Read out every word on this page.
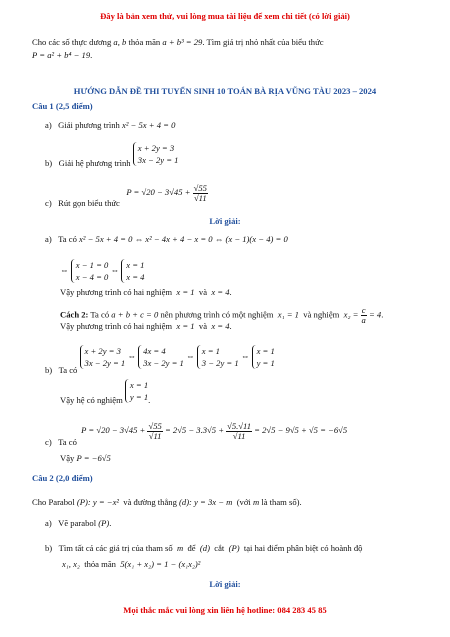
Đây là bản xem thử, vui lòng mua tài liệu để xem chi tiết (có lời giải)
Cho các số thực dương a, b thỏa mãn a + b³ = 29. Tìm giá trị nhỏ nhất của biểu thức
P = a² + b⁴ − 19.
HƯỚNG DẪN ĐỀ THI TUYỂN SINH 10 TOÁN BÀ RỊA VŨNG TÀU 2023 – 2024
Câu 1 (2,5 điểm)
a) Giải phương trình x² − 5x + 4 = 0
b) Giải hệ phương trình
x + 2y = 3
3x − 2y = 1
c) Rút gọn biểu thức   $P = √20 - 3√45 + \frac{√55}{√11}$
Lời giải:
a) Ta có x² − 5x + 4 = 0 ⇔ x² − 4x + 4 − x = 0 ⇔ (x − 1)(x − 4) = 0
⇔ x − 1 = 0
x − 4 = 0
⇔ x = 1
x = 4
Vậy phương trình có hai nghiệm x = 1 và x = 4.
Cách 2: Ta có a + b + c = 0 nên phương trình có một nghiệm x₁ = 1 và nghiệm $x_2 = \frac{c}{a} = 4$.
Vậy phương trình có hai nghiệm x = 1 và x = 4.
b) Ta có
x + 2y = 3
3x − 2y = 1
⇔ 4x = 4
3x − 2y = 1
⇔ x = 1
3 − 2y = 1
⇔ x = 1
y = 1
Vậy hệ có nghiệm
x = 1
y = 1 .
c) Ta có  $P = √20 - 3√45 + \frac{√55}{√11} = 2√5 - 3.3√5 + \frac{√5.√11}{√11} = 2√5 - 9√5 + √5 = -6√5$
Vậy P = −6√5
Câu 2 (2,0 điểm)
Cho Parabol (P): y = −x² và đường thẳng (d): y = 3x − m (với m là tham số).
a) Vẽ parabol (P).
b) Tìm tất cả các giá trị của tham số m để (d) cắt (P) tại hai điểm phân biệt có hoành độ
x₁, x₂ thỏa mãn 5(x₁ + x₂) = 1 − (x₁x₂)²
Lời giải:
Mọi thắc mắc vui lòng xin liên hệ hotline: 084 283 45 85
